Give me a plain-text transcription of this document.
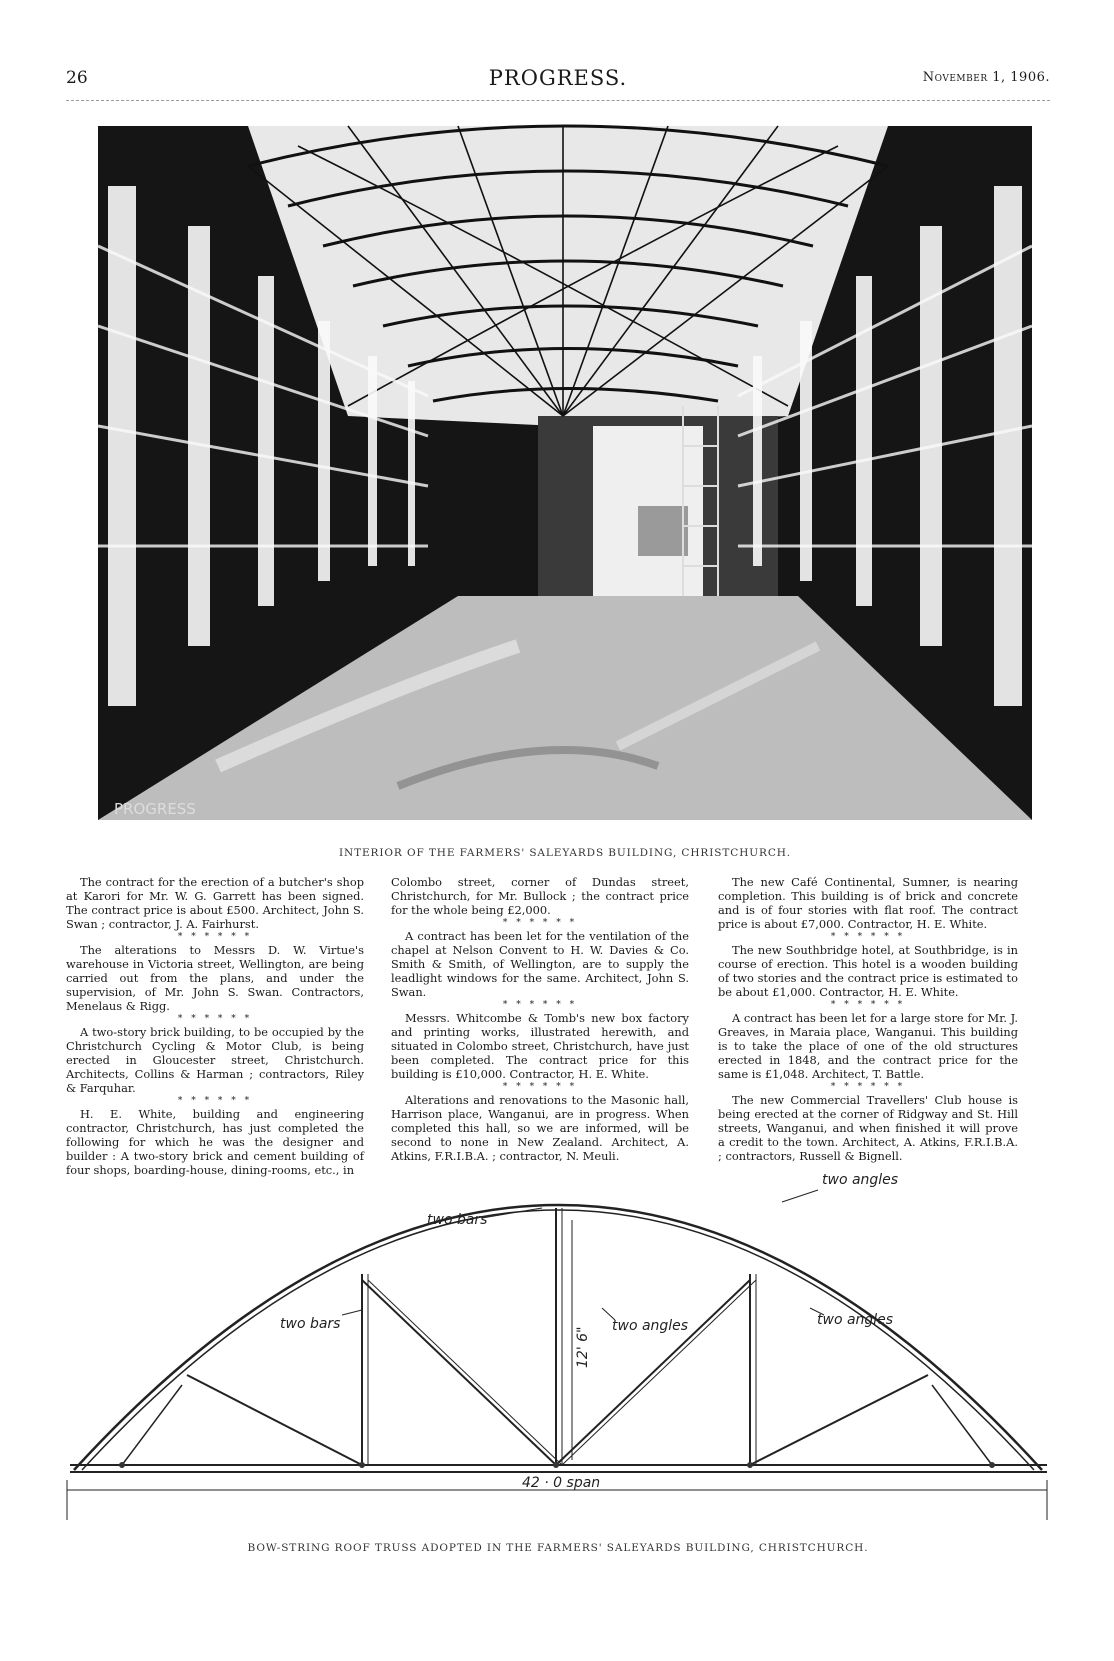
26	PROGRESS.	November 1, 1906.
PROGRESS
INTERIOR OF THE FARMERS' SALEYARDS BUILDING, CHRISTCHURCH.

The contract for the erection of a butcher's shop at Karori for Mr. W. G. Garrett has been signed. The contract price is about £500. Architect, John S. Swan ; contractor, J. A. Fairhurst.

* * * * * *

The alterations to Messrs D. W. Virtue's warehouse in Victoria street, Wellington, are being carried out from the plans, and under the supervision, of Mr. John S. Swan. Contractors, Menelaus & Rigg.

* * * * * *

A two-story brick building, to be occupied by the Christchurch Cycling & Motor Club, is being erected in Gloucester street, Christchurch. Architects, Collins & Harman ; contractors, Riley & Farquhar.

* * * * * *

H. E. White, building and engineering contractor, Christchurch, has just completed the following for which he was the designer and builder : A two-story brick and cement building of four shops, boarding-house, dining-rooms, etc., in

Colombo street, corner of Dundas street, Christchurch, for Mr. Bullock ; the contract price for the whole being £2,000.

* * * * * *

A contract has been let for the ventilation of the chapel at Nelson Convent to H. W. Davies & Co. Smith & Smith, of Wellington, are to supply the leadlight windows for the same. Architect, John S. Swan.

* * * * * *

Messrs. Whitcombe & Tomb's new box factory and printing works, illustrated herewith, and situated in Colombo street, Christchurch, have just been completed. The contract price for this building is £10,000. Contractor, H. E. White.

* * * * * *

Alterations and renovations to the Masonic hall, Harrison place, Wanganui, are in progress. When completed this hall, so we are informed, will be second to none in New Zealand. Architect, A. Atkins, F.R.I.B.A. ; contractor, N. Meuli.

The new Café Continental, Sumner, is nearing completion. This building is of brick and concrete and is of four stories with flat roof. The contract price is about £7,000. Contractor, H. E. White.

* * * * * *

The new Southbridge hotel, at Southbridge, is in course of erection. This hotel is a wooden building of two stories and the contract price is estimated to be about £1,000. Contractor, H. E. White.

* * * * * *

A contract has been let for a large store for Mr. J. Greaves, in Maraia place, Wanganui. This building is to take the place of one of the old structures erected in 1848, and the contract price for the same is £1,048. Architect, T. Battle.

* * * * * *

The new Commercial Travellers' Club house is being erected at the corner of Ridgway and St. Hill streets, Wanganui, and when finished it will prove a credit to the town. Architect, A. Atkins, F.R.I.B.A. ; contractors, Russell & Bignell.

two angles
two bars
12' 6"
two bars	two angles	two angles
42 · 0 span
BOW-STRING ROOF TRUSS ADOPTED IN THE FARMERS' SALEYARDS BUILDING, CHRISTCHURCH.
